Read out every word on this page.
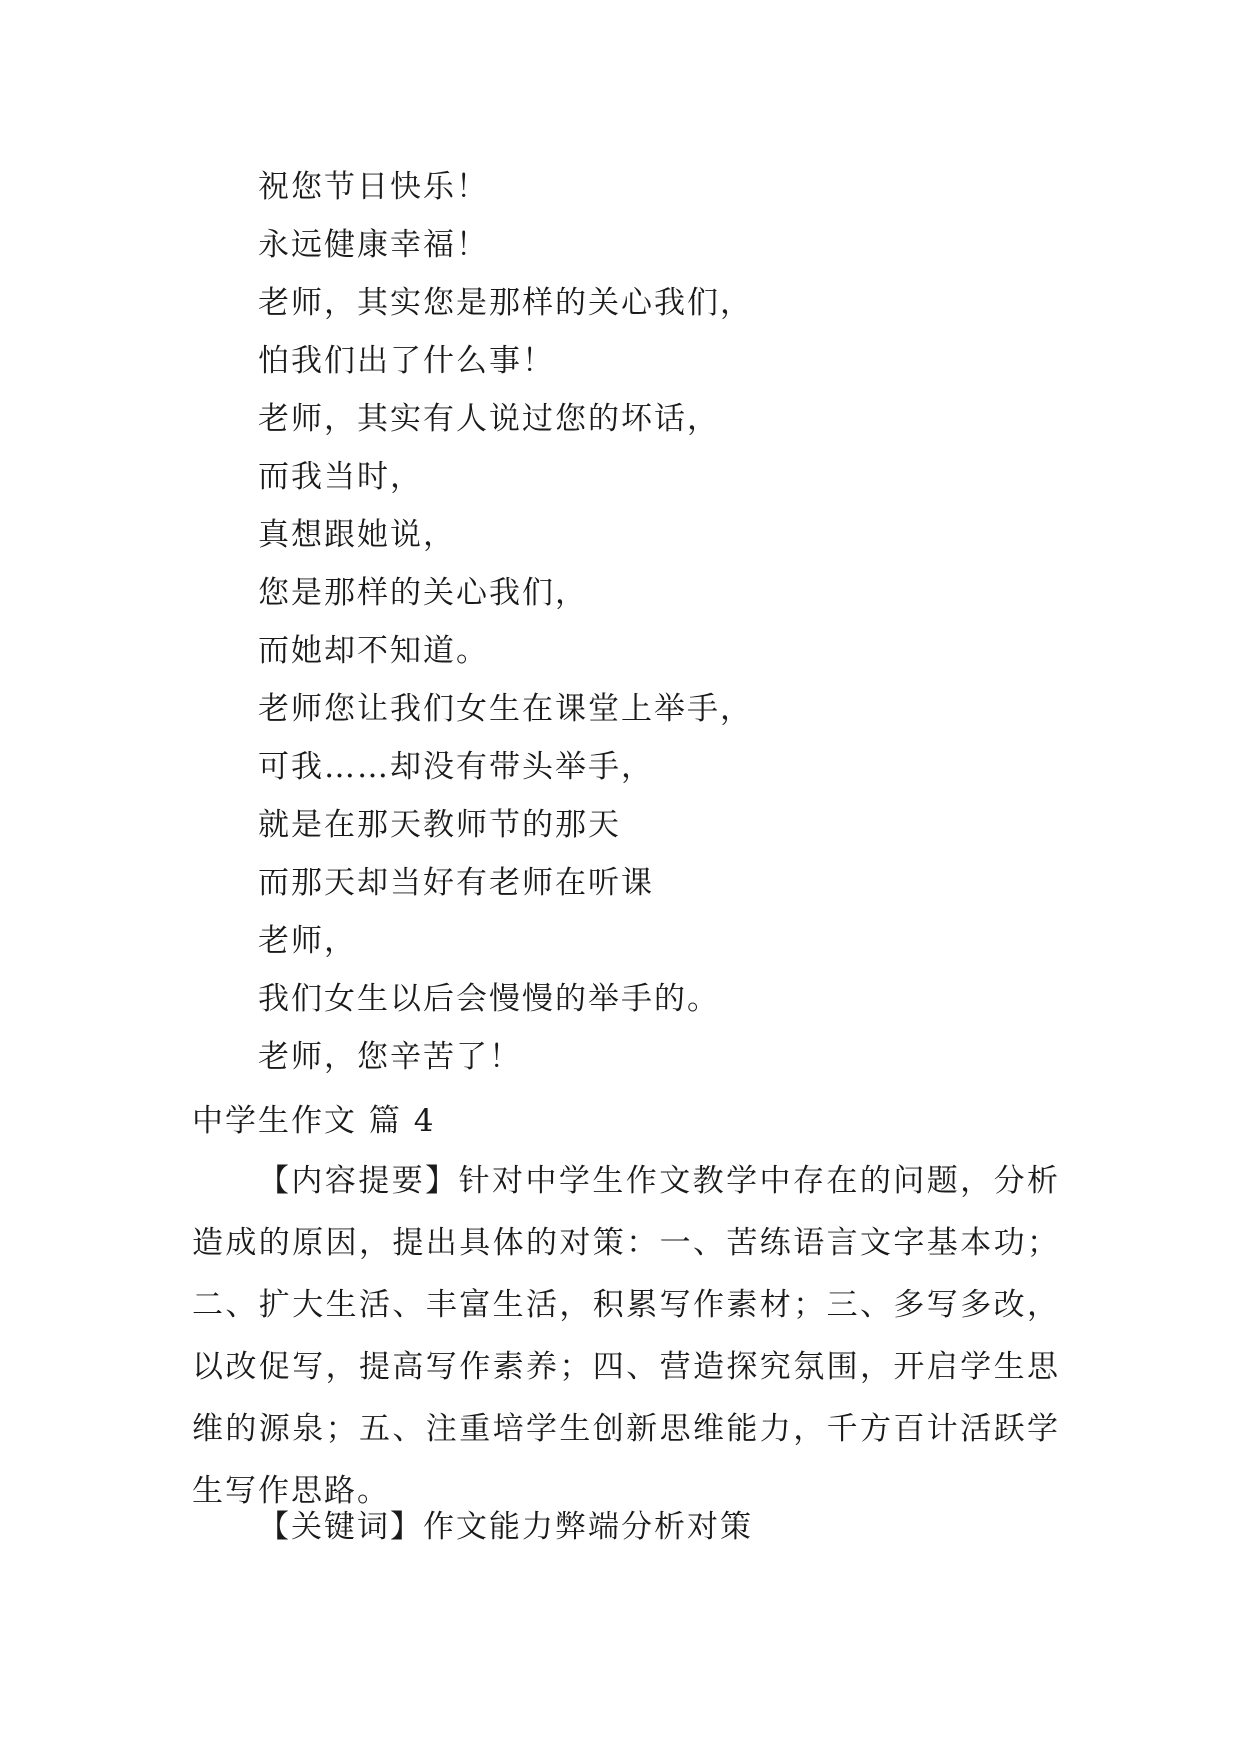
祝您节日快乐！
永远健康幸福！
老师，其实您是那样的关心我们，
怕我们出了什么事！
老师，其实有人说过您的坏话，
而我当时，
真想跟她说，
您是那样的关心我们，
而她却不知道。
老师您让我们女生在课堂上举手，
可我……却没有带头举手，
就是在那天教师节的那天
而那天却当好有老师在听课
老师，
我们女生以后会慢慢的举手的。
老师，您辛苦了！
中学生作文 篇 4

【内容提要】针对中学生作文教学中存在的问题，分析造成的原因，提出具体的对策：一、苦练语言文字基本功；二、扩大生活、丰富生活，积累写作素材；三、多写多改，以改促写，提高写作素养；四、营造探究氛围，开启学生思维的源泉；五、注重培学生创新思维能力，千方百计活跃学生写作思路。

【关键词】作文能力弊端分析对策
